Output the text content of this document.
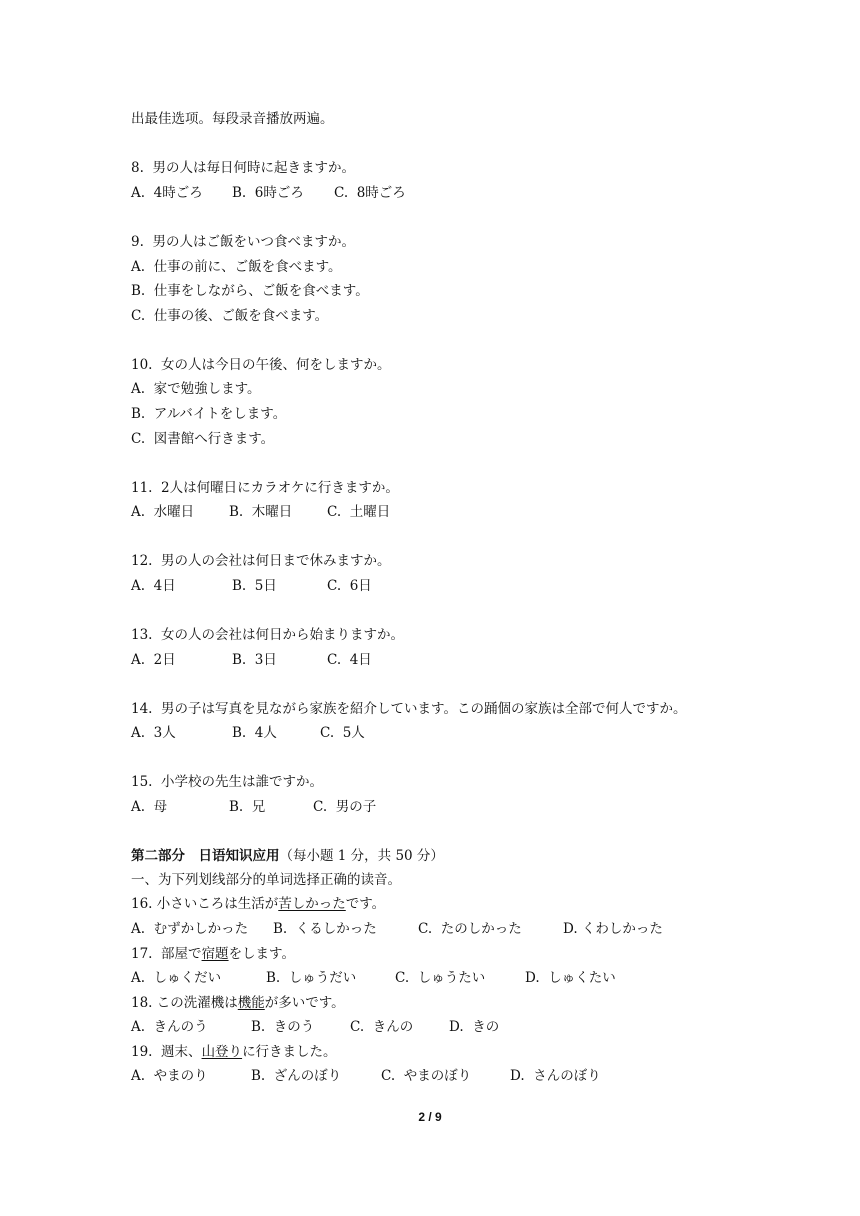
出最佳选项。每段录音播放两遍。
8.  男の人は毎日何時に起きますか。
A.  4時ごろ B.  6時ごろ C.  8時ごろ
9.  男の人はご飯をいつ食べますか。
A.  仕事の前に、ご飯を食べます。
B.  仕事をしながら、ご飯を食べます。
C.  仕事の後、ご飯を食べます。
10.  女の人は今日の午後、何をしますか。
A.  家で勉強します。
B.  アルバイトをします。
C.  図書館へ行きます。
11.  2人は何曜日にカラオケに行きますか。
A.  水曜日	B.  木曜日	C.  土曜日
12.  男の人の会社は何日まで休みますか。
A.  4日	B.  5日	C.  6日
13.  女の人の会社は何日から始まりますか。
A.  2日	B.  3日	C.  4日
14.  男の子は写真を見ながら家族を紹介しています。この踊個の家族は全部で何人ですか。
A.  3人	B.  4人	C.  5人
15.  小学校の先生は誰ですか。
A.  母	B.  兄	C.  男の子
第二部分　日语知识应用（每小题 1 分，共 50 分）
一、为下列划线部分的单词选择正确的读音。
16. 小さいころは生活が苦しかったです。
A.  むずかしかった B.  くるしかった	C.  たのしかった	D. くわしかった
17.  部屋で宿題をします。
A.  しゅくだい	B.  しゅうだい	C.  しゅうたい	D.  しゅくたい
18. この洗濯機は機能が多いです。
A.  きんのう	B.  きのう	C.  きんの	D.  きの
19.  週末、山登りに行きました。
A.  やまのり	B.  ざんのぼり	C.  やまのぼり	D.  さんのぼり
2 / 9
